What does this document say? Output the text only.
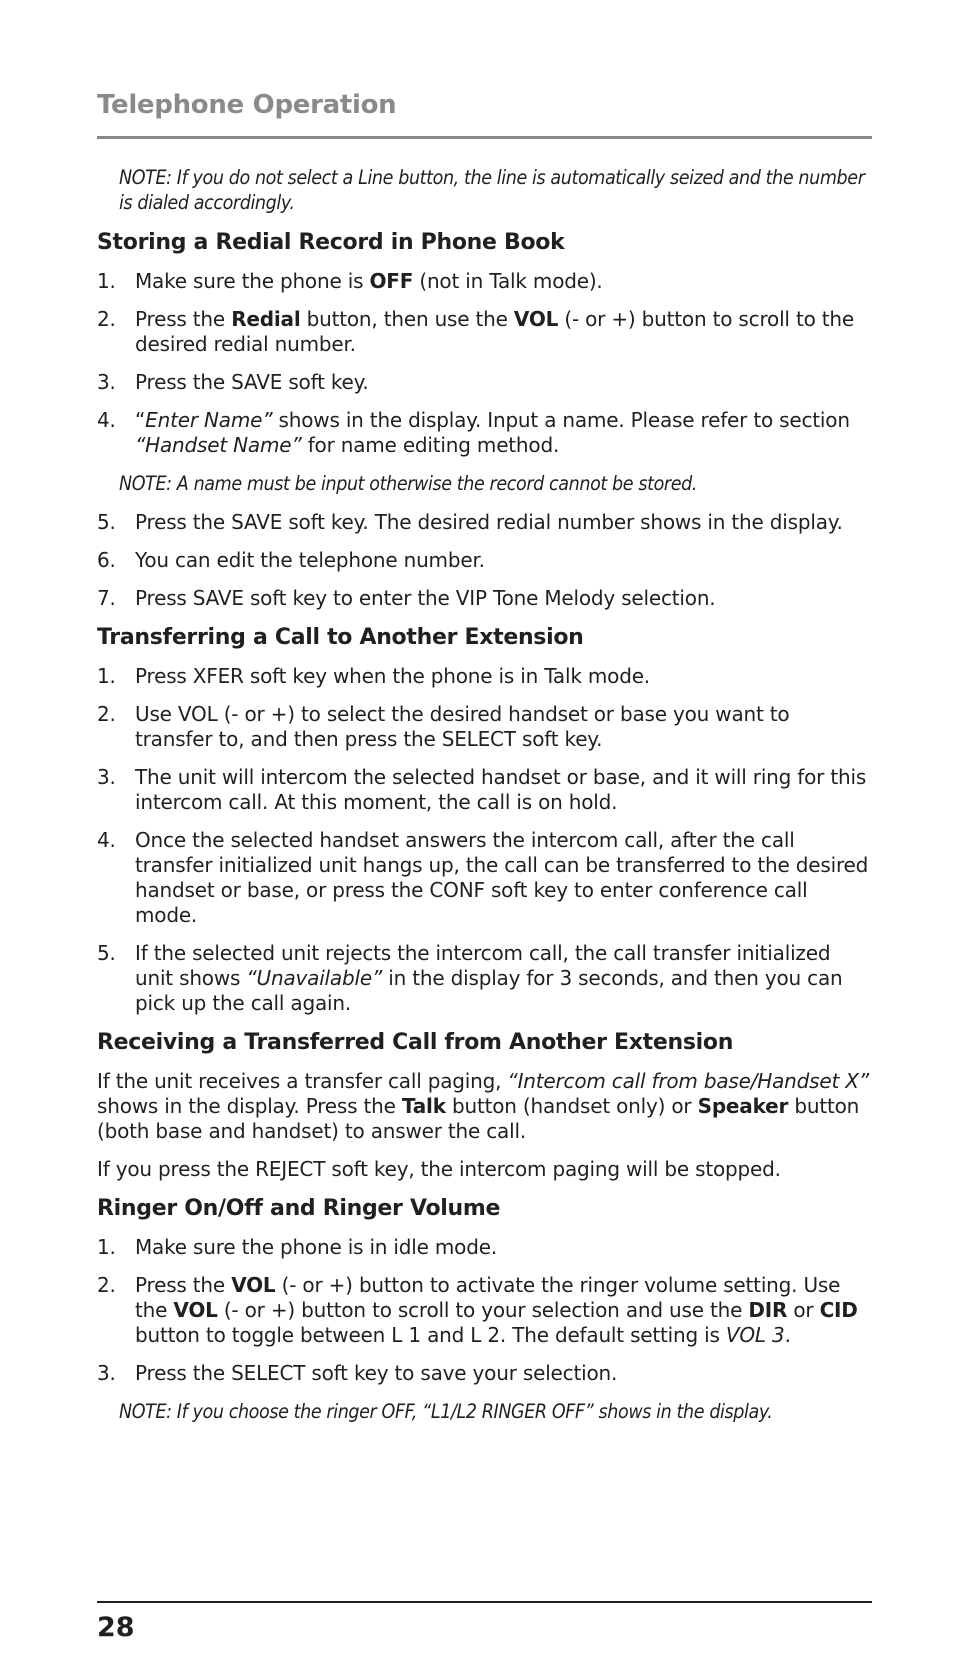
Telephone Operation

NOTE: If you do not select a Line button, the line is automatically seized and the number is dialed accordingly.

Storing a Redial Record in Phone Book
1. Make sure the phone is OFF (not in Talk mode).
2. Press the Redial button, then use the VOL (- or +) button to scroll to the desired redial number.
3. Press the SAVE soft key.
4. “Enter Name” shows in the display. Input a name. Please refer to section “Handset Name” for name editing method.

NOTE: A name must be input otherwise the record cannot be stored.

5. Press the SAVE soft key. The desired redial number shows in the display.
6. You can edit the telephone number.
7. Press SAVE soft key to enter the VIP Tone Melody selection.
Transferring a Call to Another Extension
1. Press XFER soft key when the phone is in Talk mode.
2. Use VOL (- or +) to select the desired handset or base you want to transfer to, and then press the SELECT soft key.
3. The unit will intercom the selected handset or base, and it will ring for this intercom call. At this moment, the call is on hold.
4. Once the selected handset answers the intercom call, after the call transfer initialized unit hangs up, the call can be transferred to the desired handset or base, or press the CONF soft key to enter conference call mode.
5. If the selected unit rejects the intercom call, the call transfer initialized unit shows “Unavailable” in the display for 3 seconds, and then you can pick up the call again.
Receiving a Transferred Call from Another Extension

If the unit receives a transfer call paging, “Intercom call from base/Handset X” shows in the display. Press the Talk button (handset only) or Speaker button (both base and handset) to answer the call.

If you press the REJECT soft key, the intercom paging will be stopped.

Ringer On/Off and Ringer Volume
1. Make sure the phone is in idle mode.
2. Press the VOL (- or +) button to activate the ringer volume setting. Use the VOL (- or +) button to scroll to your selection and use the DIR or CID button to toggle between L 1 and L 2. The default setting is VOL 3.
3. Press the SELECT soft key to save your selection.

NOTE: If you choose the ringer OFF, “L1/L2 RINGER OFF” shows in the display.

28
